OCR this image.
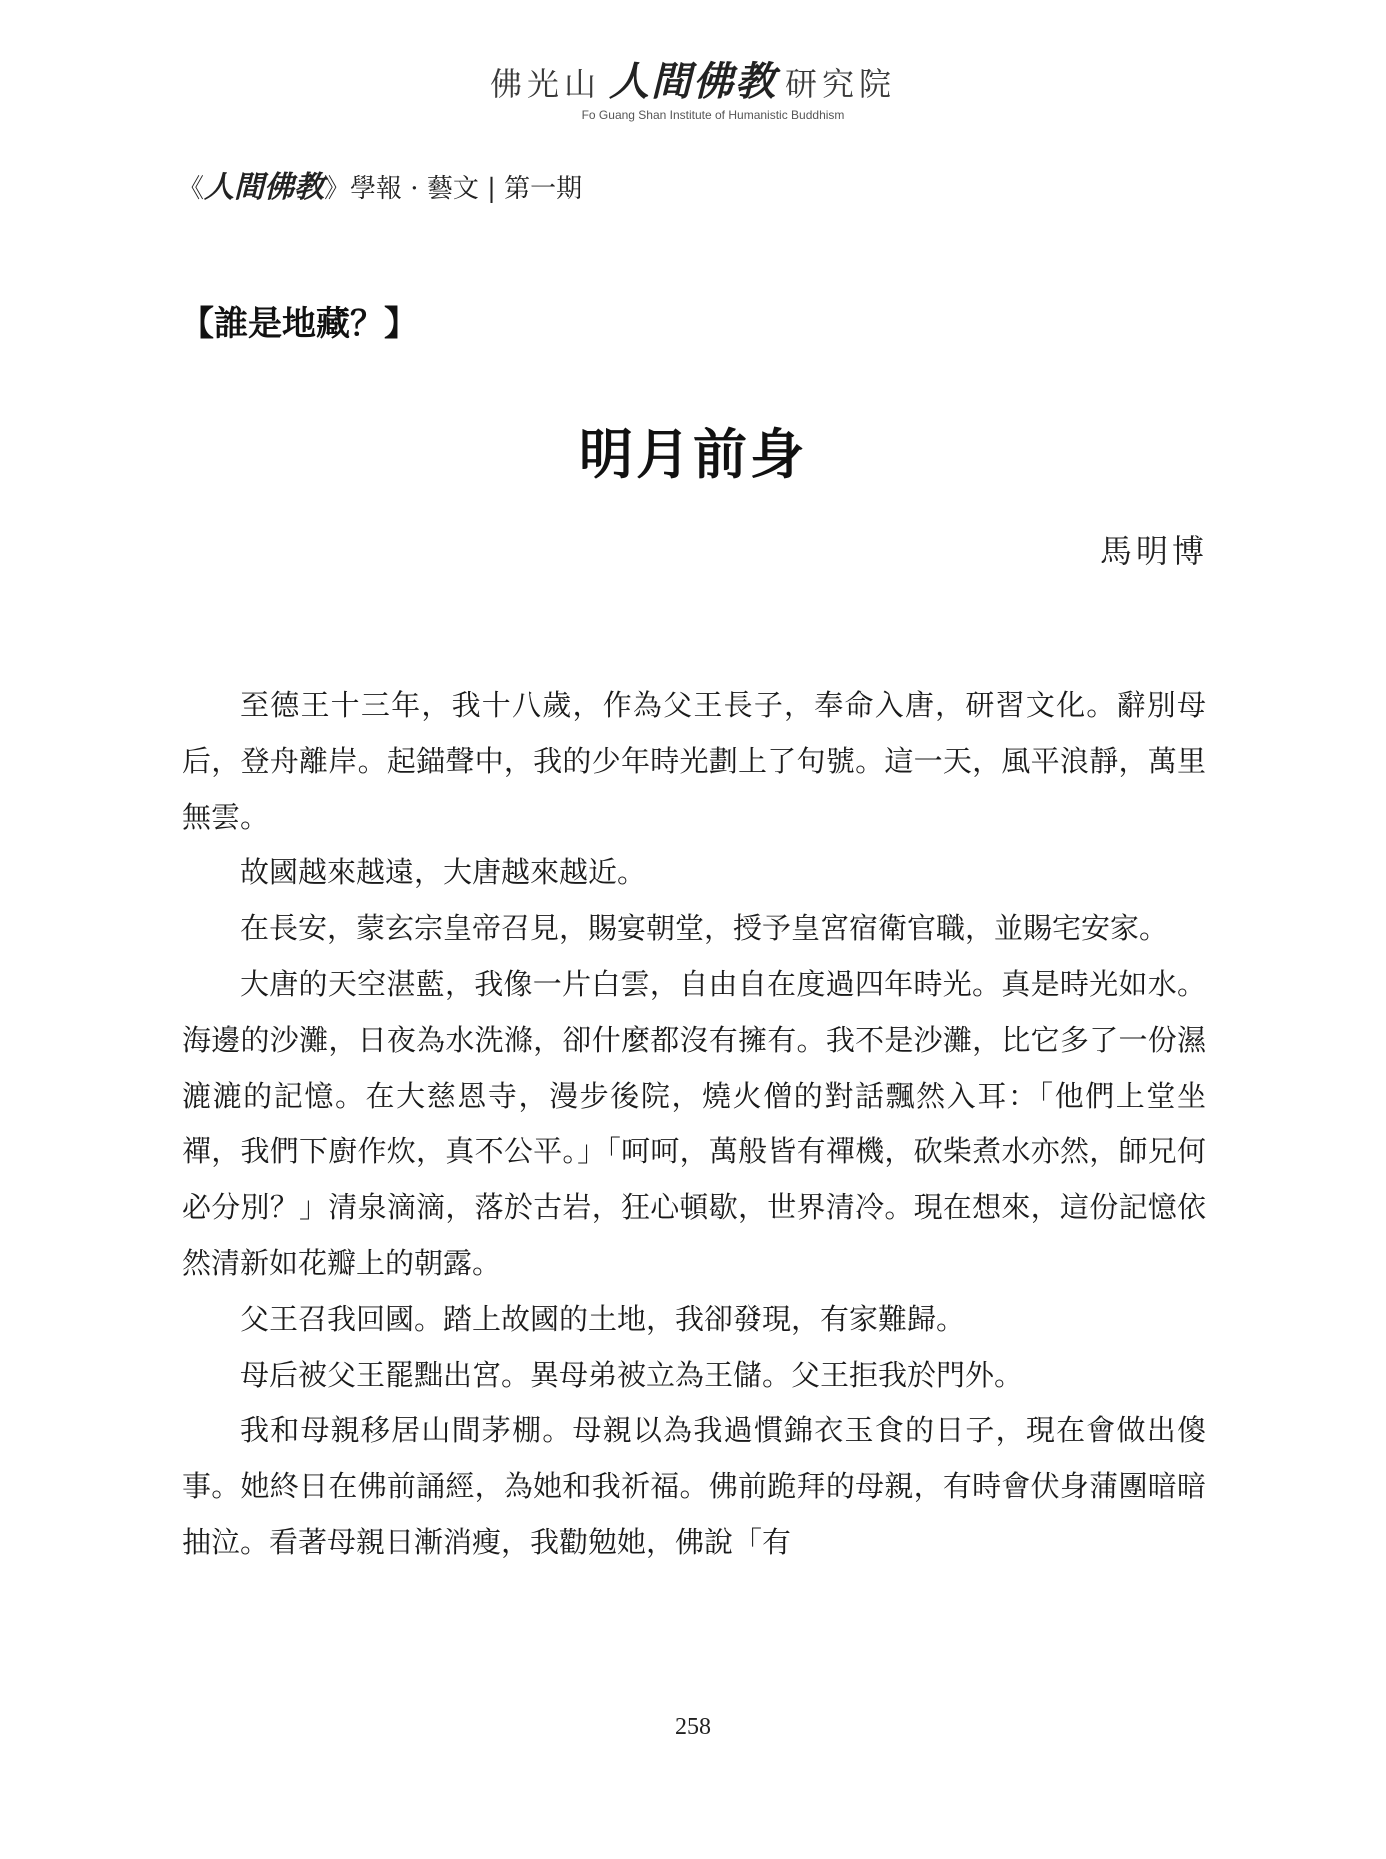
佛光山 人間佛教 研究院
Fo Guang Shan Institute of Humanistic Buddhism
《人間佛教》學報 · 藝文 | 第一期
【誰是地藏？】
明月前身
馬明博

至德王十三年，我十八歲，作為父王長子，奉命入唐，研習文化。辭別母后，登舟離岸。起錨聲中，我的少年時光劃上了句號。這一天，風平浪靜，萬里無雲。

故國越來越遠，大唐越來越近。

在長安，蒙玄宗皇帝召見，賜宴朝堂，授予皇宮宿衛官職，並賜宅安家。

大唐的天空湛藍，我像一片白雲，自由自在度過四年時光。真是時光如水。海邊的沙灘，日夜為水洗滌，卻什麼都沒有擁有。我不是沙灘，比它多了一份濕漉漉的記憶。在大慈恩寺，漫步後院，燒火僧的對話飄然入耳：「他們上堂坐禪，我們下廚作炊，真不公平。」「呵呵，萬般皆有禪機，砍柴煮水亦然，師兄何必分別？」清泉滴滴，落於古岩，狂心頓歇，世界清冷。現在想來，這份記憶依然清新如花瓣上的朝露。

父王召我回國。踏上故國的土地，我卻發現，有家難歸。

母后被父王罷黜出宮。異母弟被立為王儲。父王拒我於門外。

我和母親移居山間茅棚。母親以為我過慣錦衣玉食的日子，現在會做出傻事。她終日在佛前誦經，為她和我祈福。佛前跪拜的母親，有時會伏身蒲團暗暗抽泣。看著母親日漸消瘦，我勸勉她，佛說「有

258
